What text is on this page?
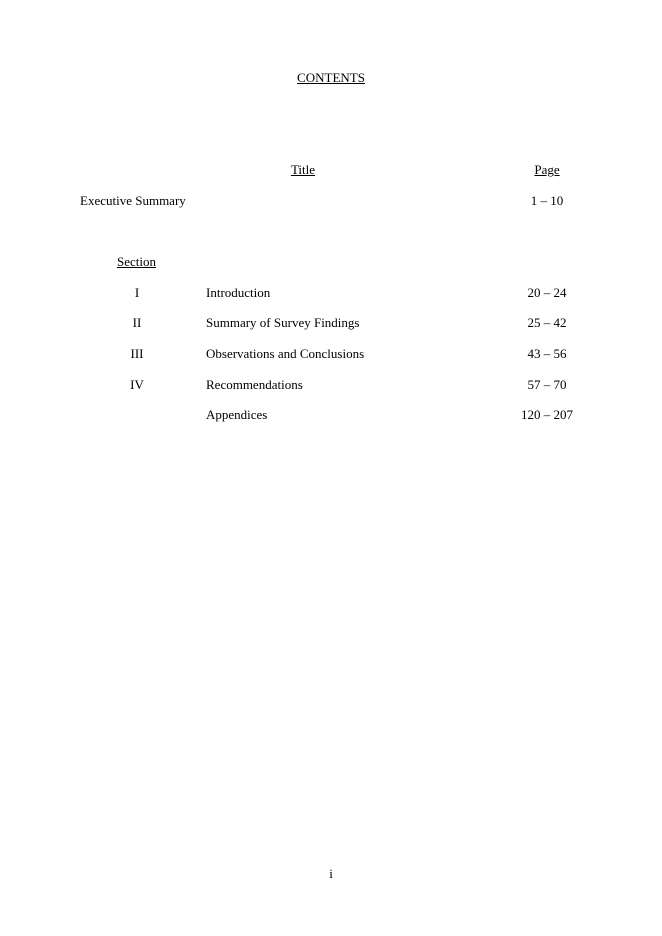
CONTENTS
Title	Page
Executive Summary	1 – 10
Section
I	Introduction	20 – 24
II	Summary of Survey Findings	25 – 42
III	Observations and Conclusions	43 – 56
IV	Recommendations	57 – 70
Appendices	120 – 207
i
